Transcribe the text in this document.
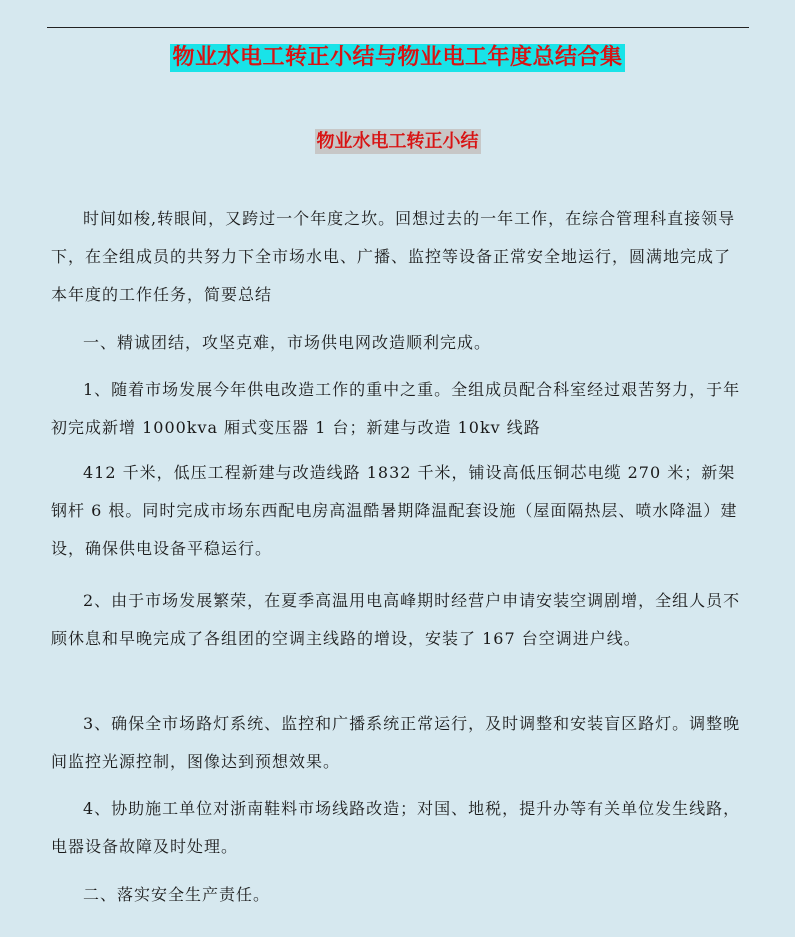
物业水电工转正小结与物业电工年度总结合集
物业水电工转正小结

时间如梭,转眼间，又跨过一个年度之坎。回想过去的一年工作，在综合管理科直接领导下，在全组成员的共努力下全市场水电、广播、监控等设备正常安全地运行，圆满地完成了本年度的工作任务，简要总结

一、精诚团结，攻坚克难，市场供电网改造顺利完成。

1、随着市场发展今年供电改造工作的重中之重。全组成员配合科室经过艰苦努力，于年初完成新增 1000kva 厢式变压器 1 台；新建与改造 10kv 线路

412 千米，低压工程新建与改造线路 1832 千米，铺设高低压铜芯电缆 270 米；新架钢杆 6 根。同时完成市场东西配电房高温酷暑期降温配套设施（屋面隔热层、喷水降温）建设，确保供电设备平稳运行。

2、由于市场发展繁荣，在夏季高温用电高峰期时经营户申请安装空调剧增，全组人员不顾休息和早晚完成了各组团的空调主线路的增设，安装了 167 台空调进户线。

3、确保全市场路灯系统、监控和广播系统正常运行，及时调整和安装盲区路灯。调整晚间监控光源控制，图像达到预想效果。

4、协助施工单位对浙南鞋料市场线路改造；对国、地税，提升办等有关单位发生线路，电器设备故障及时处理。

二、落实安全生产责任。
